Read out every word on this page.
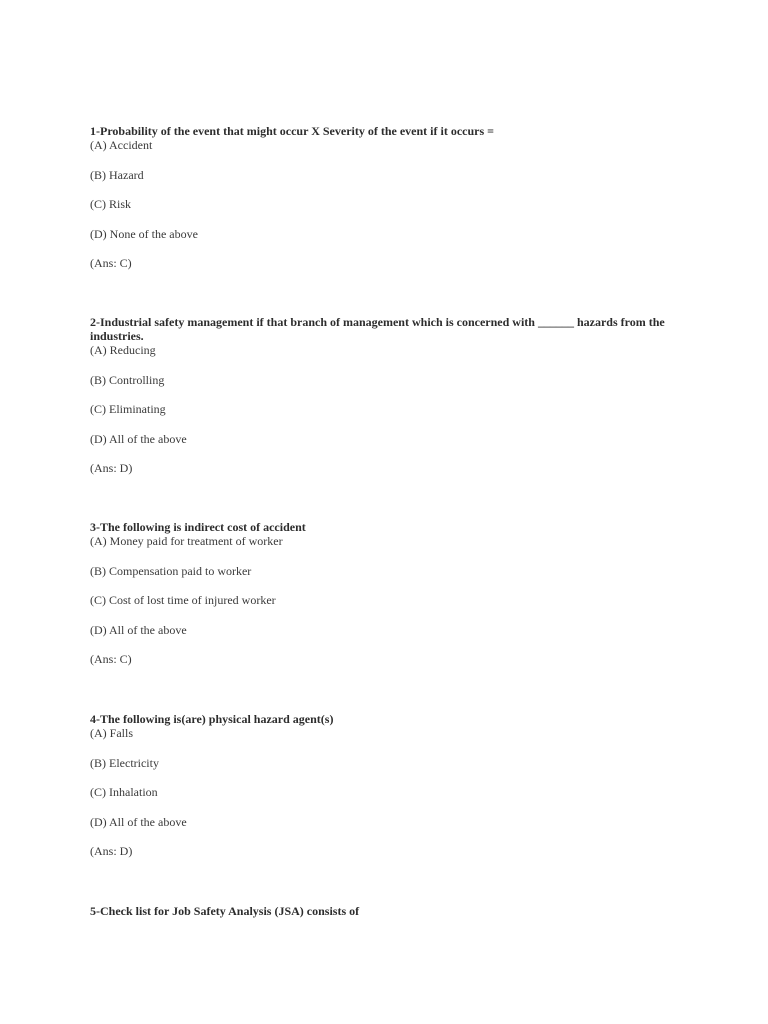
1-Probability of the event that might occur X Severity of the event if it occurs =

(A) Accident

(B) Hazard

(C) Risk

(D) None of the above

(Ans: C)

2-Industrial safety management if that branch of management which is concerned with ______ hazards from the industries.

(A) Reducing

(B) Controlling

(C) Eliminating

(D) All of the above

(Ans: D)

3-The following is indirect cost of accident

(A) Money paid for treatment of worker

(B) Compensation paid to worker

(C) Cost of lost time of injured worker

(D) All of the above

(Ans: C)

4-The following is(are) physical hazard agent(s)

(A) Falls

(B) Electricity

(C) Inhalation

(D) All of the above

(Ans: D)

5-Check list for Job Safety Analysis (JSA) consists of
